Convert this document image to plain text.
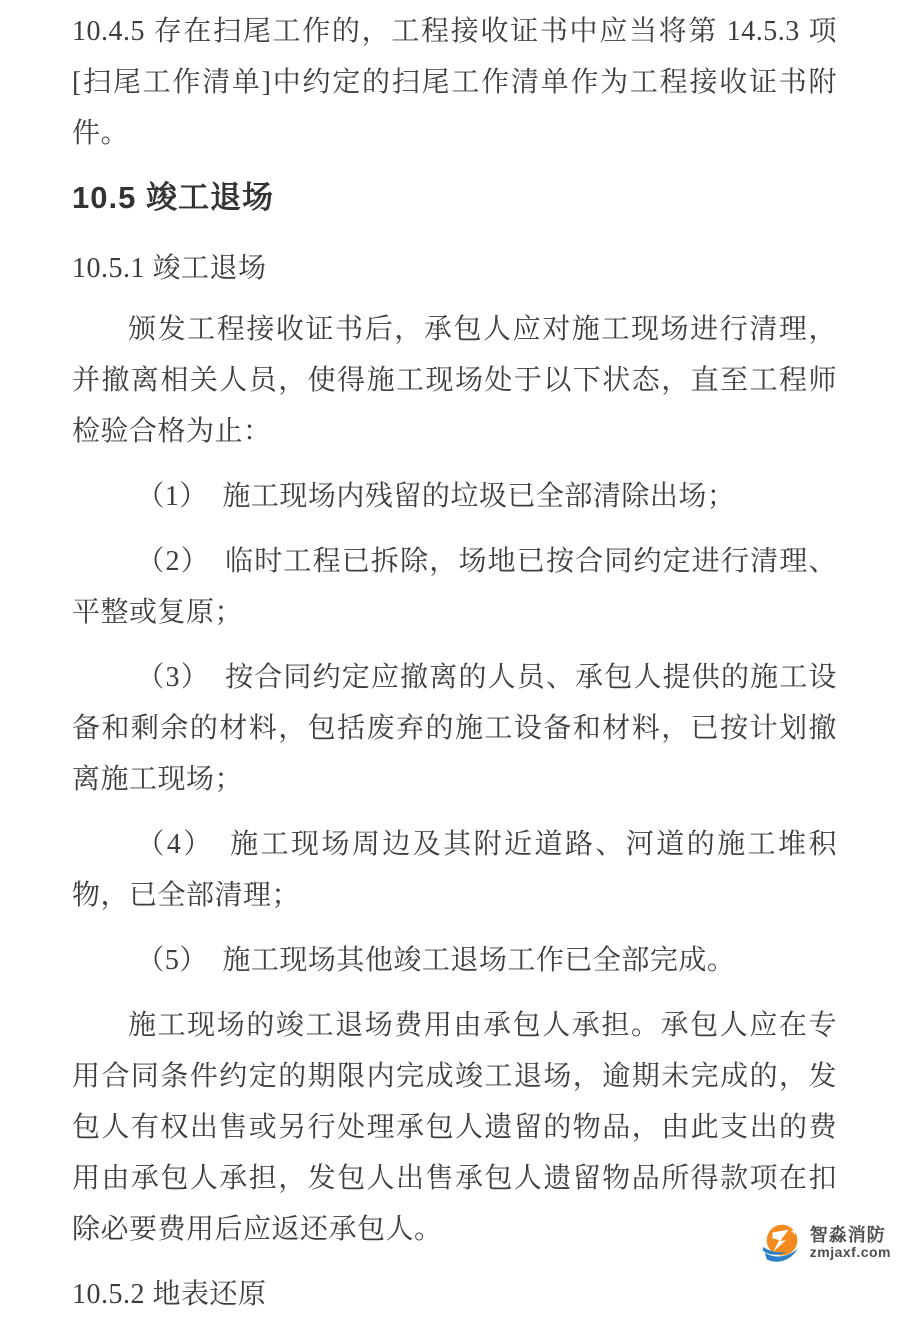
10.4.5 存在扫尾工作的，工程接收证书中应当将第 14.5.3 项[扫尾工作清单]中约定的扫尾工作清单作为工程接收证书附件。

10.5 竣工退场

10.5.1 竣工退场

颁发工程接收证书后，承包人应对施工现场进行清理，并撤离相关人员，使得施工现场处于以下状态，直至工程师检验合格为止：

（1）　施工现场内残留的垃圾已全部清除出场；

（2）　临时工程已拆除，场地已按合同约定进行清理、平整或复原；

（3）　按合同约定应撤离的人员、承包人提供的施工设备和剩余的材料，包括废弃的施工设备和材料，已按计划撤离施工现场；

（4）　施工现场周边及其附近道路、河道的施工堆积物，已全部清理；

（5）　施工现场其他竣工退场工作已全部完成。

施工现场的竣工退场费用由承包人承担。承包人应在专用合同条件约定的期限内完成竣工退场，逾期未完成的，发包人有权出售或另行处理承包人遗留的物品，由此支出的费用由承包人承担，发包人出售承包人遗留物品所得款项在扣除必要费用后应返还承包人。

10.5.2 地表还原

智淼消防
zmjaxf.com
